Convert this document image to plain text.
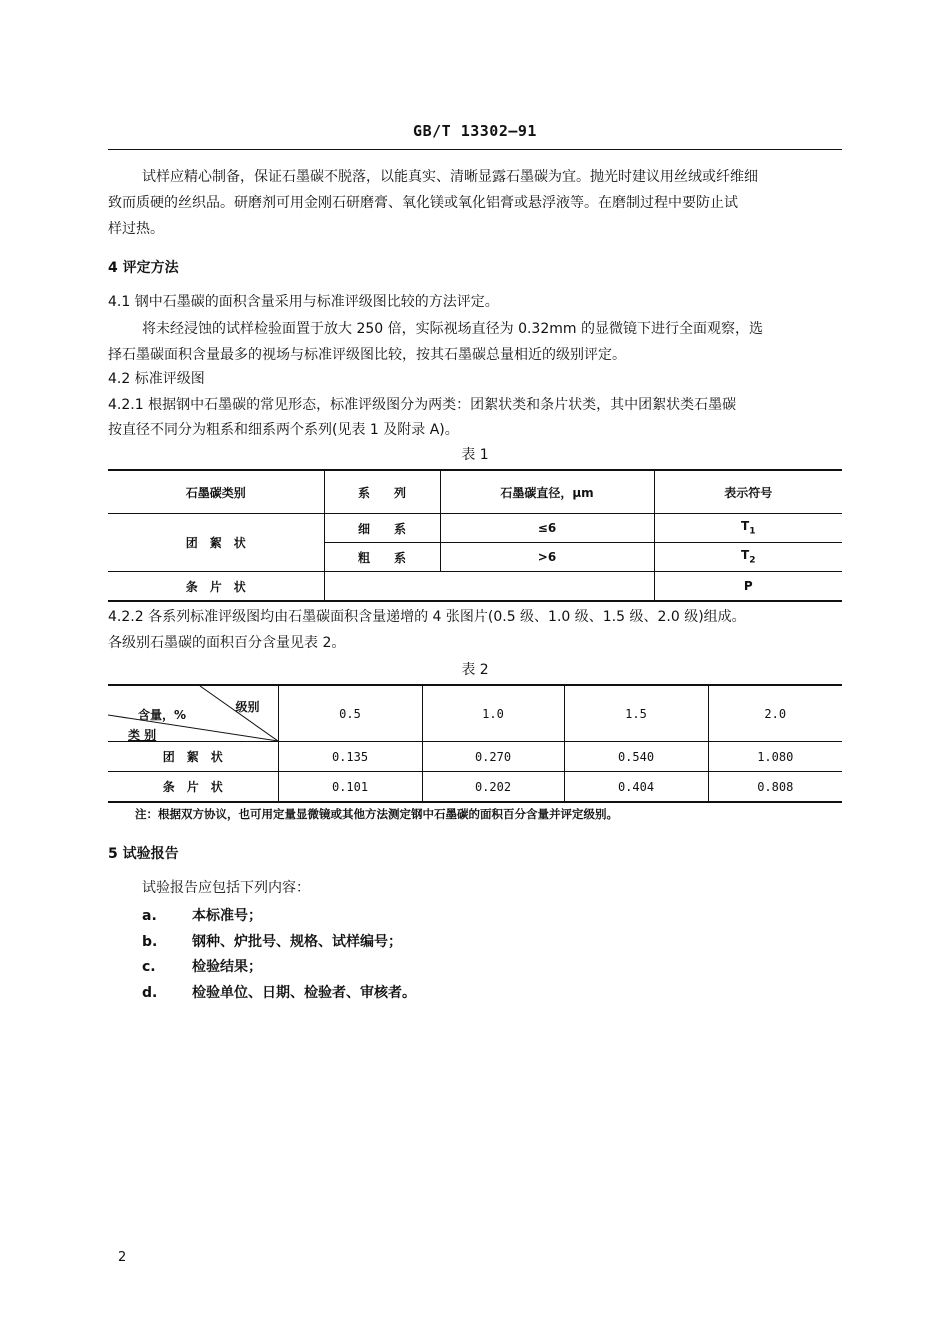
GB/T 13302—91
试样应精心制备，保证石墨碳不脱落，以能真实、清晰显露石墨碳为宜。抛光时建议用丝绒或纤维细
致而质硬的丝织品。研磨剂可用金刚石研磨膏、氧化镁或氧化铝膏或悬浮液等。在磨制过程中要防止试
样过热。
4 评定方法
4.1 钢中石墨碳的面积含量采用与标准评级图比较的方法评定。
将未经浸蚀的试样检验面置于放大 250 倍，实际视场直径为 0.32mm 的显微镜下进行全面观察，选
择石墨碳面积含量最多的视场与标准评级图比较，按其石墨碳总量相近的级别评定。
4.2 标准评级图
4.2.1 根据钢中石墨碳的常见形态，标准评级图分为两类：团絮状类和条片状类，其中团絮状类石墨碳
按直径不同分为粗系和细系两个系列(见表 1 及附录 A)。
表 1
石墨碳类别	系　　列	石墨碳直径，μm	表示符号
团　絮　状	细　　系	≤6	$T_1$
	粗　　系	>6	$T_2$
条　片　状			P
4.2.2 各系列标准评级图均由石墨碳面积含量递增的 4 张图片(0.5 级、1.0 级、1.5 级、2.0 级)组成。
各级别石墨碳的面积百分含量见表 2。
表 2
级别
含量，%
类 别	0.5	1.0	1.5	2.0
团　絮　状	0.135	0.270	0.540	1.080
条　片　状	0.101	0.202	0.404	0.808
注：根据双方协议，也可用定量显微镜或其他方法测定钢中石墨碳的面积百分含量并评定级别。
5 试验报告
试验报告应包括下列内容：
a.	本标准号；
b. 钢种、炉批号、规格、试样编号；
c.	检验结果；
d. 检验单位、日期、检验者、审核者。
2
